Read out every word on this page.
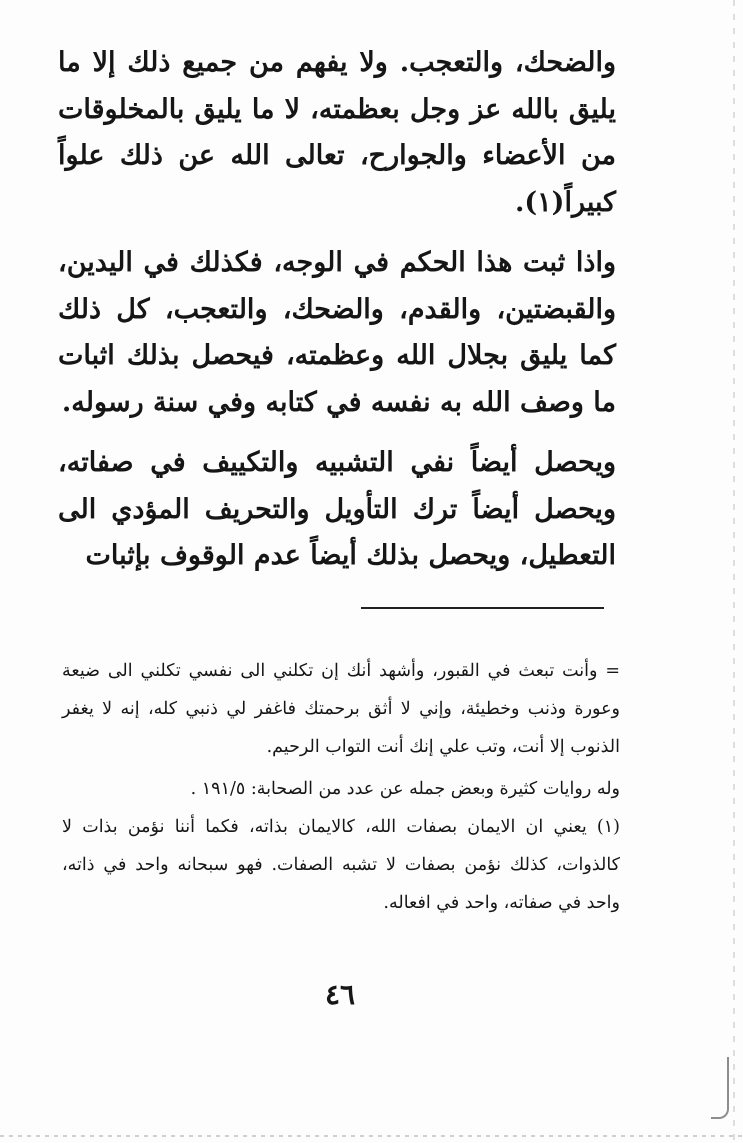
والضحك، والتعجب. ولا يفهم من جميع ذلك إلا ما يليق بالله عز وجل بعظمته، لا ما يليق بالمخلوقات من الأعضاء والجوارح، تعالى الله عن ذلك علواً كبيراً(١).

واذا ثبت هذا الحكم في الوجه، فكذلك في اليدين، والقبضتين، والقدم، والضحك، والتعجب، كل ذلك كما يليق بجلال الله وعظمته، فيحصل بذلك اثبات ما وصف الله به نفسه في كتابه وفي سنة رسوله.

ويحصل أيضاً نفي التشبيه والتكييف في صفاته، ويحصل أيضاً ترك التأويل والتحريف المؤدي الى التعطيل، ويحصل بذلك أيضاً عدم الوقوف بإثبات

= وأنت تبعث في القبور، وأشهد أنك إن تكلني الى نفسي تكلني الى ضيعة وعورة وذنب وخطيئة، وإني لا أثق برحمتك فاغفر لي ذنبي كله، إنه لا يغفر الذنوب إلا أنت، وتب علي إنك أنت التواب الرحيم.

وله روايات كثيرة وبعض جمله عن عدد من الصحابة: ١٩١/٥ .

(١) يعني ان الايمان بصفات الله، كالايمان بذاته، فكما أننا نؤمن بذات لا كالذوات، كذلك نؤمن بصفات لا تشبه الصفات. فهو سبحانه واحد في ذاته، واحد في صفاته، واحد في افعاله.

٤٦
